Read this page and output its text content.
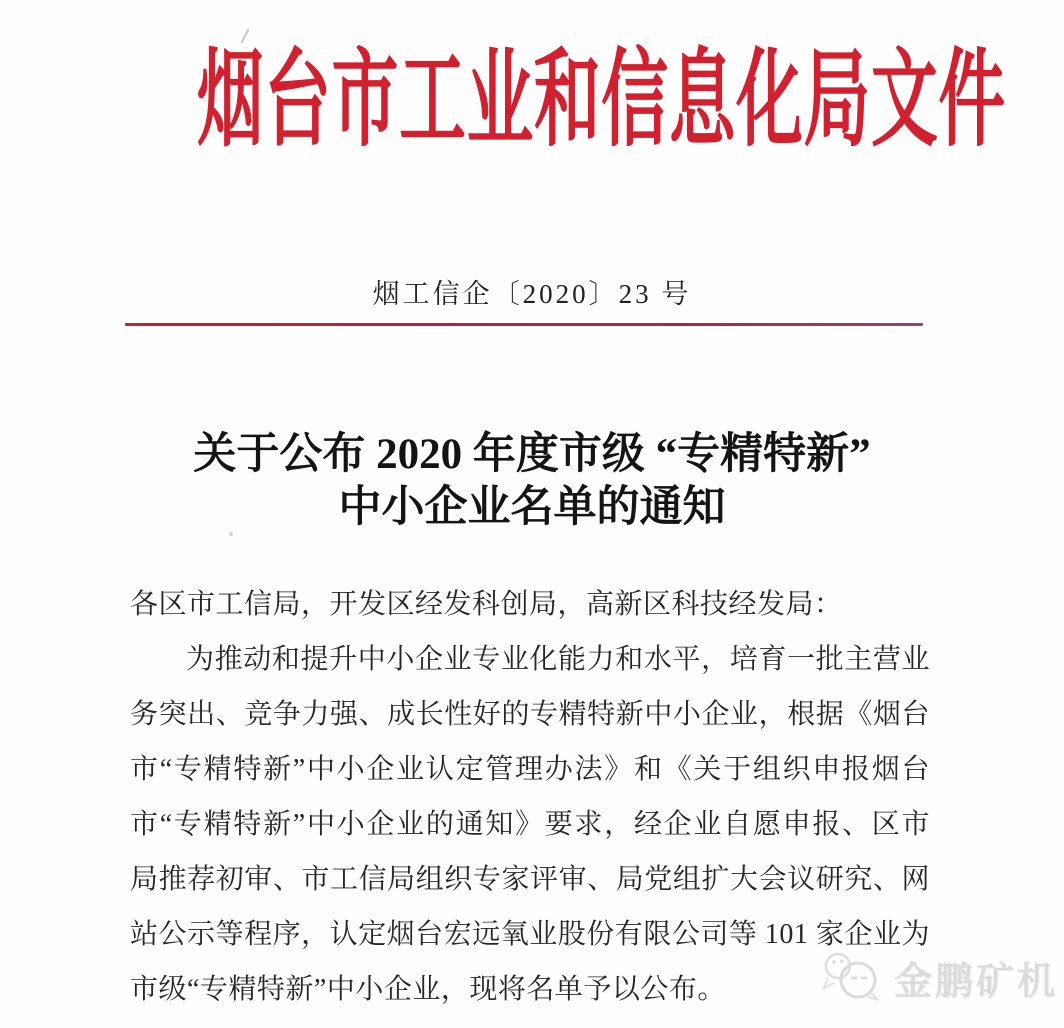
烟台市工业和信息化局文件
烟工信企〔2020〕23 号
关于公布 2020 年度市级 “专精特新”
中小企业名单的通知
各区市工信局，开发区经发科创局，高新区科技经发局：
为推动和提升中小企业专业化能力和水平，培育一批主营业
务突出、竞争力强、成长性好的专精特新中小企业，根据《烟台
市“专精特新”中小企业认定管理办法》和《关于组织申报烟台
市“专精特新”中小企业的通知》要求，经企业自愿申报、区市
局推荐初审、市工信局组织专家评审、局党组扩大会议研究、网
站公示等程序，认定烟台宏远氧业股份有限公司等 101 家企业为
市级“专精特新”中小企业，现将名单予以公布。	金鹏矿机
